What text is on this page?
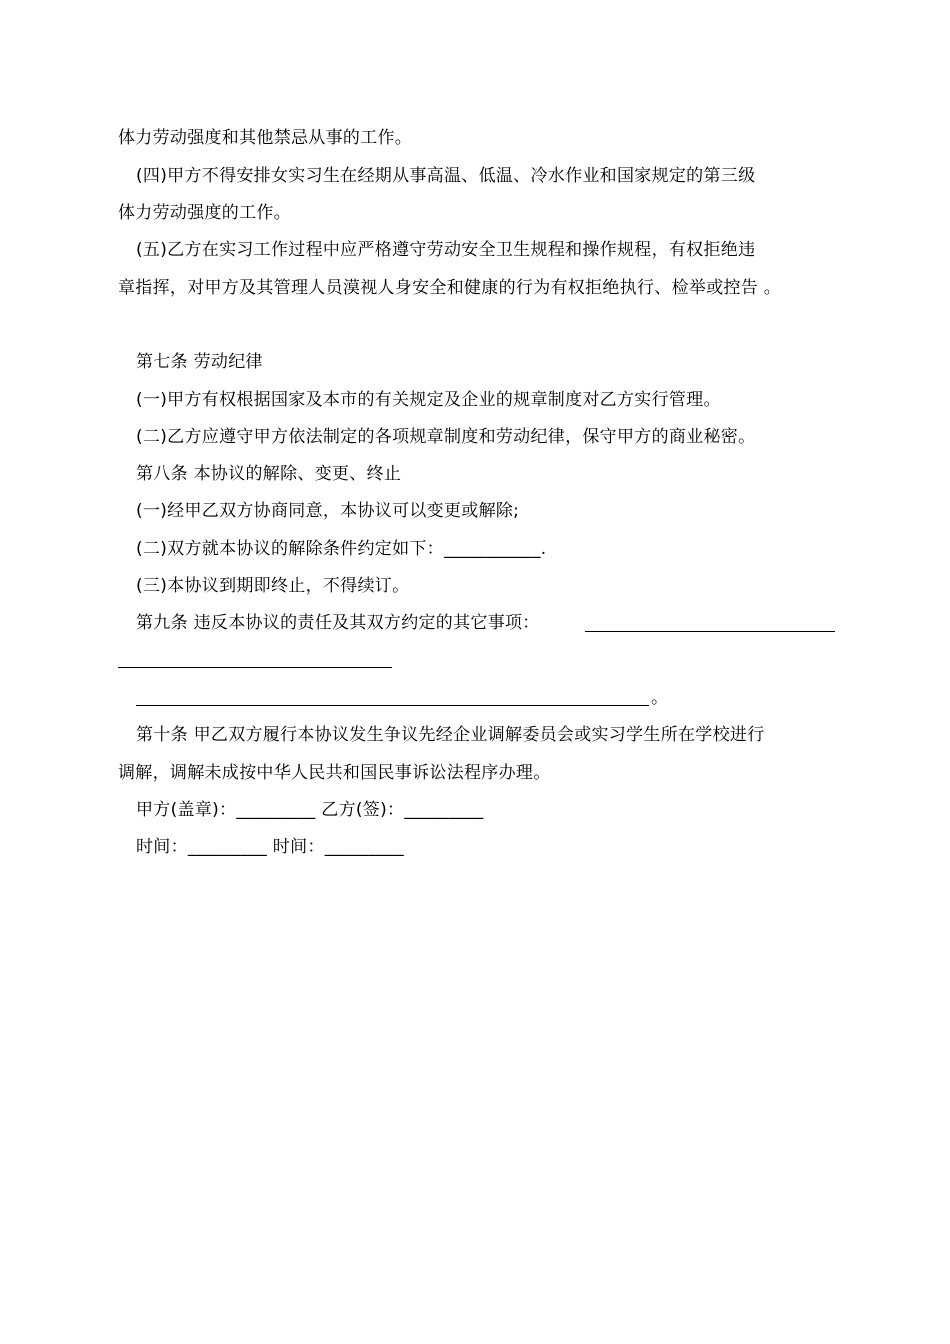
体力劳动强度和其他禁忌从事的工作。
(四)甲方不得安排女实习生在经期从事高温、低温、冷水作业和国家规定的第三级
体力劳动强度的工作。
(五)乙方在实习工作过程中应严格遵守劳动安全卫生规程和操作规程，有权拒绝违
章指挥，对甲方及其管理人员漠视人身安全和健康的行为有权拒绝执行、检举或控告 。
第七条 劳动纪律
(一)甲方有权根据国家及本市的有关规定及企业的规章制度对乙方实行管理。
(二)乙方应遵守甲方依法制定的各项规章制度和劳动纪律，保守甲方的商业秘密。
第八条 本协议的解除、变更、终止
(一)经甲乙双方协商同意，本协议可以变更或解除;
(二)双方就本协议的解除条件约定如下：___________.
(三)本协议到期即终止，不得续订。
第九条 违反本协议的责任及其双方约定的其它事项：
。
第十条 甲乙双方履行本协议发生争议先经企业调解委员会或实习学生所在学校进行
调解，调解未成按中华人民共和国民事诉讼法程序办理。
甲方(盖章)：_________ 乙方(签)：_________
时间：_________ 时间：_________
